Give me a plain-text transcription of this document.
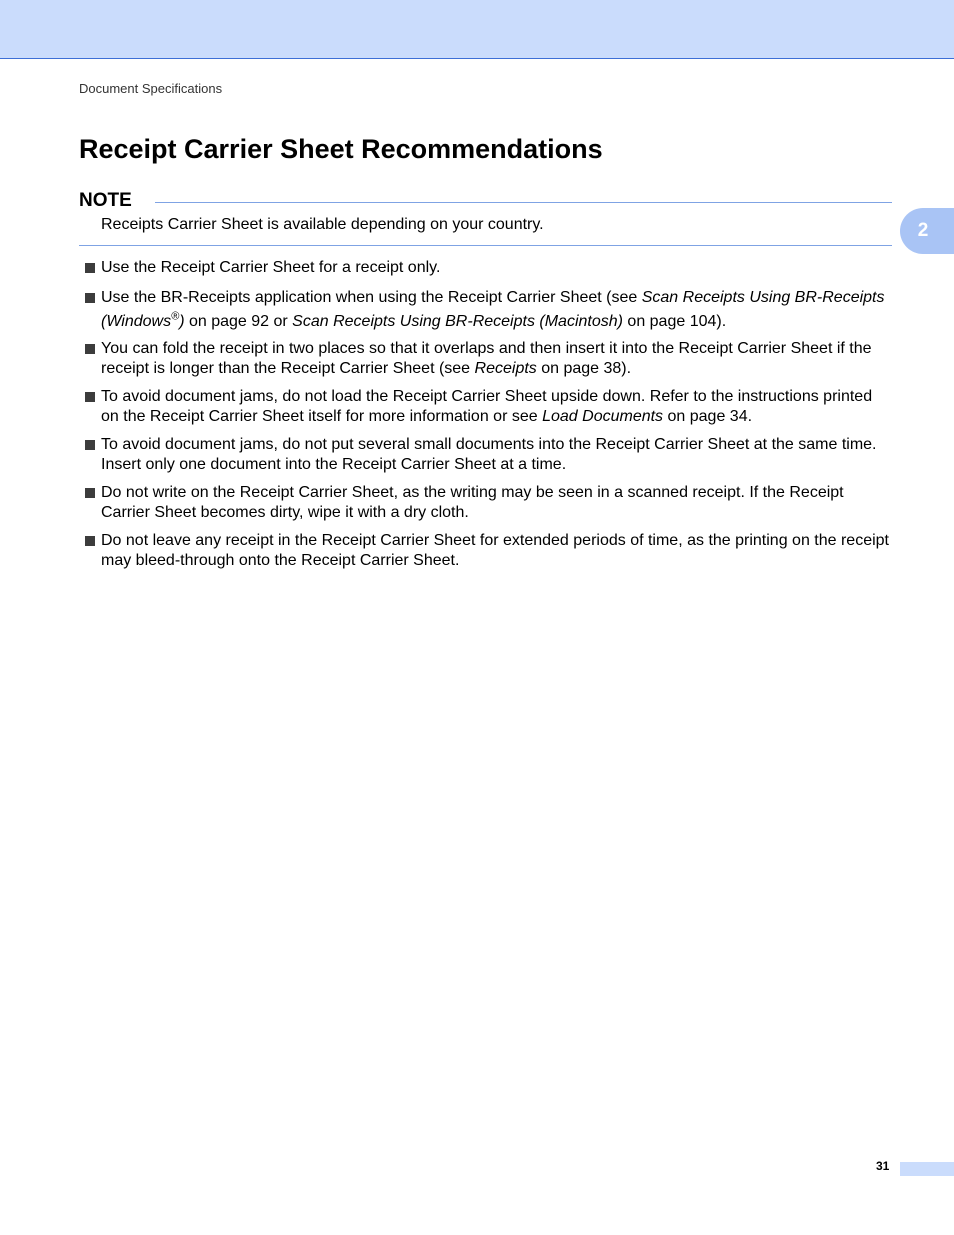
Document Specifications
Receipt Carrier Sheet Recommendations
2
NOTE
Receipts Carrier Sheet is available depending on your country.
Use the Receipt Carrier Sheet for a receipt only.
Use the BR-Receipts application when using the Receipt Carrier Sheet (see Scan Receipts Using BR-Receipts (Windows®) on page 92 or Scan Receipts Using BR-Receipts (Macintosh) on page 104).
You can fold the receipt in two places so that it overlaps and then insert it into the Receipt Carrier Sheet if the receipt is longer than the Receipt Carrier Sheet (see Receipts on page 38).
To avoid document jams, do not load the Receipt Carrier Sheet upside down. Refer to the instructions printed on the Receipt Carrier Sheet itself for more information or see Load Documents on page 34.
To avoid document jams, do not put several small documents into the Receipt Carrier Sheet at the same time. Insert only one document into the Receipt Carrier Sheet at a time.
Do not write on the Receipt Carrier Sheet, as the writing may be seen in a scanned receipt. If the Receipt Carrier Sheet becomes dirty, wipe it with a dry cloth.
Do not leave any receipt in the Receipt Carrier Sheet for extended periods of time, as the printing on the receipt may bleed-through onto the Receipt Carrier Sheet.
31
